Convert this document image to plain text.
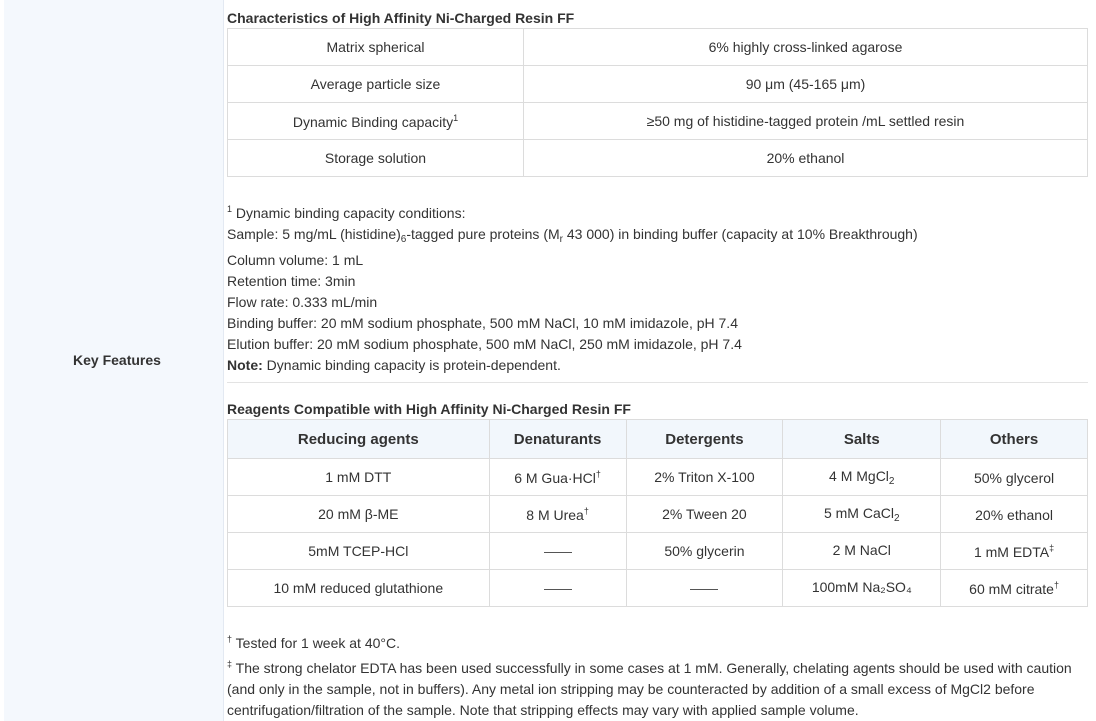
Key Features
Characteristics of High Affinity Ni-Charged Resin FF
Matrix spherical	6% highly cross-linked agarose
Average particle size	90 μm (45-165 μm)
Dynamic Binding capacity$^1$	≥50 mg of histidine-tagged protein /mL settled resin
Storage solution	20% ethanol
$^1$ Dynamic binding capacity conditions:
Sample: 5 mg/mL $(histidine)_6$-tagged pure proteins ($M_r$ 43 000) in binding buffer (capacity at 10% Breakthrough)
Column volume: 1 mL
Retention time: 3min
Flow rate: 0.333 mL/min
Binding buffer: 20 mM sodium phosphate, 500 mM NaCl, 10 mM imidazole, pH 7.4
Elution buffer: 20 mM sodium phosphate, 500 mM NaCl, 250 mM imidazole, pH 7.4
Note: Dynamic binding capacity is protein-dependent.
Reagents Compatible with High Affinity Ni-Charged Resin FF
Reducing agents	Denaturants	Detergents	Salts	Others
1 mM DTT	6 M Gua·HCl†	2% Triton X-100	4 M MgCl$_2$	50% glycerol
20 mM β-ME	8 M Urea†	2% Tween 20	5 mM CaCl$_2$	20% ethanol
5mM TCEP-HCl		50% glycerin	2 M NaCl	1 mM EDTA‡
10 mM reduced glutathione			100mM Na₂SO₄	60 mM citrate†
† Tested for 1 week at 40°C.
‡ The strong chelator EDTA has been used successfully in some cases at 1 mM. Generally, chelating agents should be used with caution (and only in the sample, not in buffers). Any metal ion stripping may be counteracted by addition of a small excess of MgCl2 before centrifugation/filtration of the sample. Note that stripping effects may vary with applied sample volume.
